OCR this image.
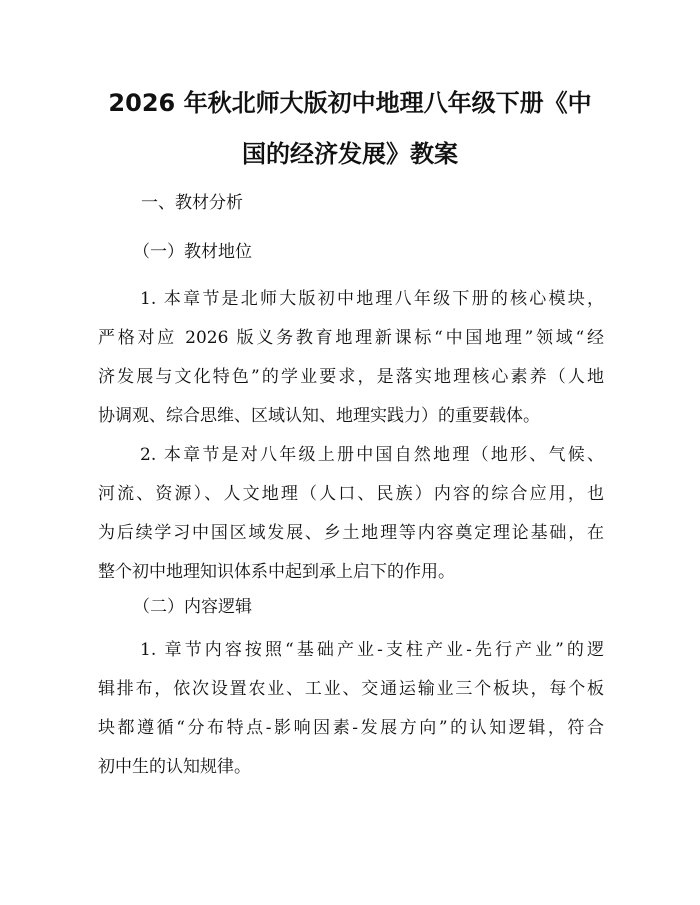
2026 年秋北师大版初中地理八年级下册《中
国的经济发展》教案

一、教材分析

（一）教材地位

1. 本章节是北师大版初中地理八年级下册的核心模块，
严格对应 2026 版义务教育地理新课标“中国地理”领域“经
济发展与文化特色”的学业要求，是落实地理核心素养（人地
协调观、综合思维、区域认知、地理实践力）的重要载体。
2. 本章节是对八年级上册中国自然地理（地形、气候、
河流、资源）、人文地理（人口、民族）内容的综合应用，也
为后续学习中国区域发展、乡土地理等内容奠定理论基础，在
整个初中地理知识体系中起到承上启下的作用。

（二）内容逻辑

1. 章节内容按照“基础产业-支柱产业-先行产业”的逻
辑排布，依次设置农业、工业、交通运输业三个板块，每个板
块都遵循“分布特点-影响因素-发展方向”的认知逻辑，符合
初中生的认知规律。
